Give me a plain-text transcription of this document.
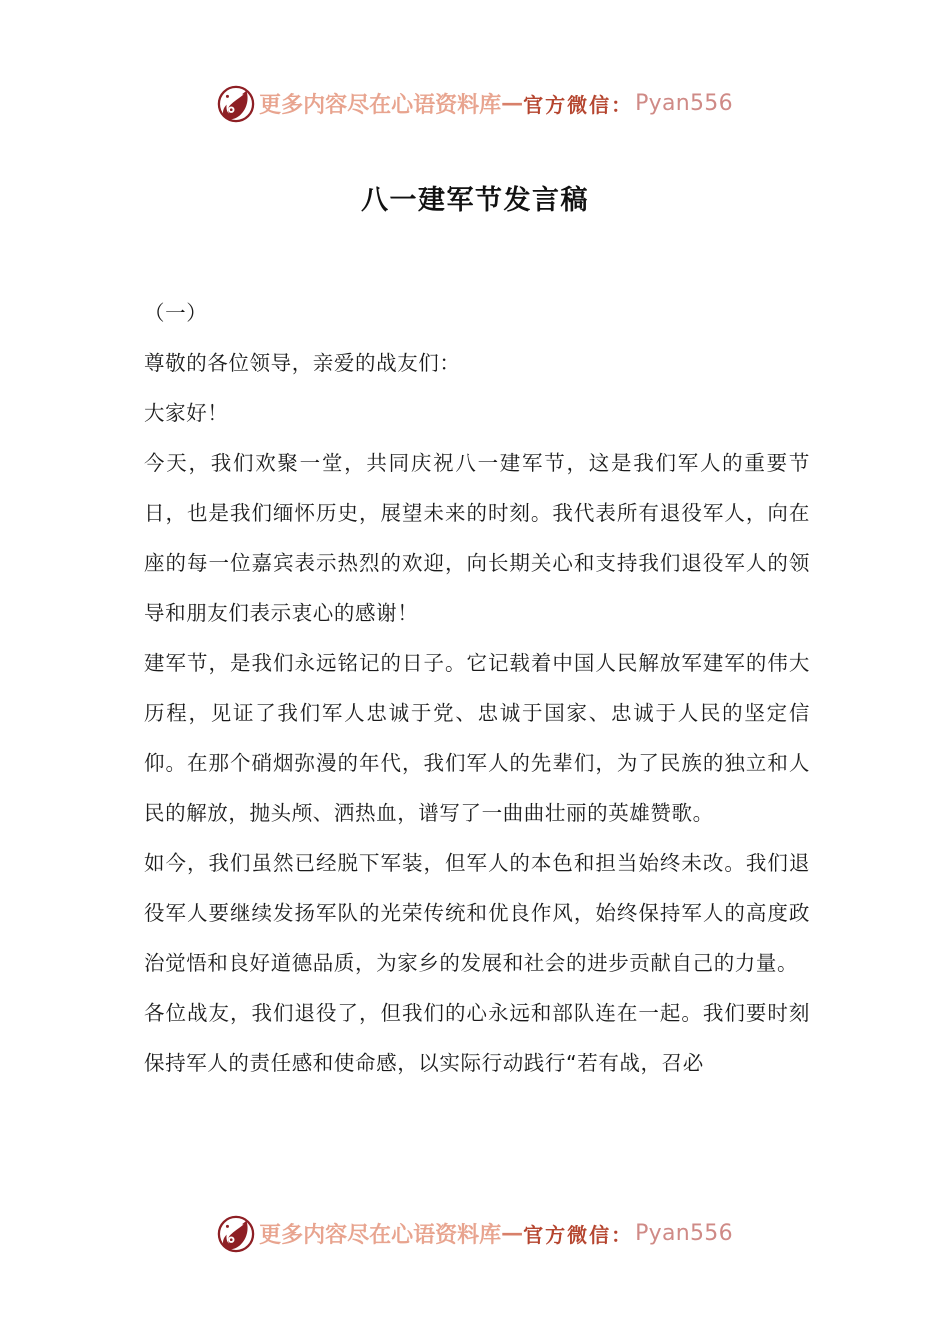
更多内容尽在心语资料库 — 官方微信： Pyan556
八一建军节发言稿

（一）

尊敬的各位领导，亲爱的战友们：

大家好！

今天，我们欢聚一堂，共同庆祝八一建军节，这是我们军人的重要节日，也是我们缅怀历史，展望未来的时刻。我代表所有退役军人，向在座的每一位嘉宾表示热烈的欢迎，向长期关心和支持我们退役军人的领导和朋友们表示衷心的感谢！

建军节，是我们永远铭记的日子。它记载着中国人民解放军建军的伟大历程，见证了我们军人忠诚于党、忠诚于国家、忠诚于人民的坚定信仰。在那个硝烟弥漫的年代，我们军人的先辈们，为了民族的独立和人民的解放，抛头颅、洒热血，谱写了一曲曲壮丽的英雄赞歌。

如今，我们虽然已经脱下军装，但军人的本色和担当始终未改。我们退役军人要继续发扬军队的光荣传统和优良作风，始终保持军人的高度政治觉悟和良好道德品质，为家乡的发展和社会的进步贡献自己的力量。

各位战友，我们退役了，但我们的心永远和部队连在一起。我们要时刻保持军人的责任感和使命感，以实际行动践行“若有战，召必

更多内容尽在心语资料库 — 官方微信： Pyan556
